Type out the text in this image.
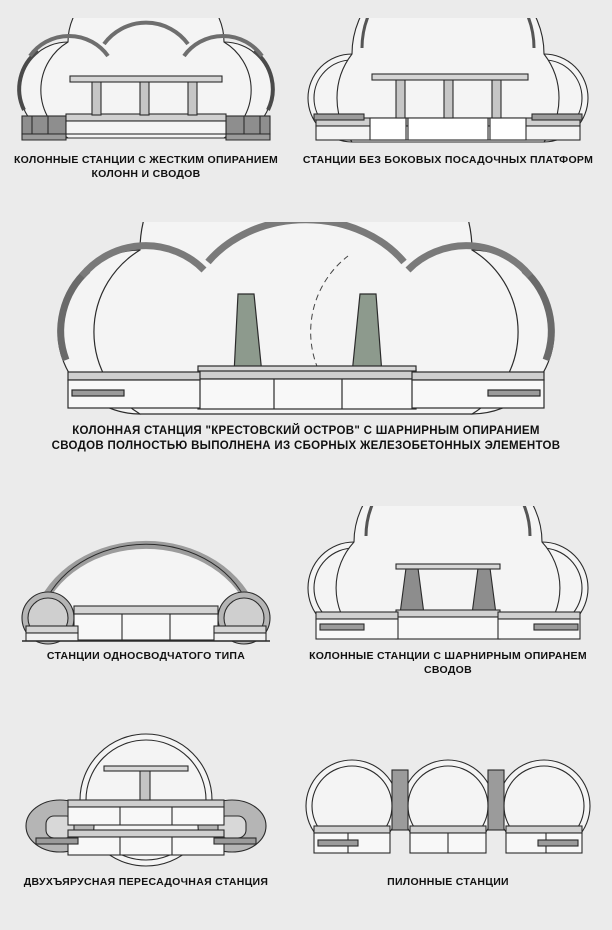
КОЛОННЫЕ СТАНЦИИ С ЖЕСТКИМ ОПИРАНИЕМ КОЛОНН И СВОДОВ
СТАНЦИИ БЕЗ БОКОВЫХ ПОСАДОЧНЫХ ПЛАТФОРМ
КОЛОННАЯ СТАНЦИЯ "КРЕСТОВСКИЙ ОСТРОВ" С ШАРНИРНЫМ ОПИРАНИЕМ СВОДОВ ПОЛНОСТЬЮ ВЫПОЛНЕНА ИЗ СБОРНЫХ ЖЕЛЕЗОБЕТОННЫХ ЭЛЕМЕНТОВ
СТАНЦИИ ОДНОСВОДЧАТОГО ТИПА	КОЛОННЫЕ СТАНЦИИ С ШАРНИРНЫМ ОПИРАНЕМ СВОДОВ
ДВУХЪЯРУСНАЯ ПЕРЕСАДОЧНАЯ СТАНЦИЯ	ПИЛОННЫЕ СТАНЦИИ
